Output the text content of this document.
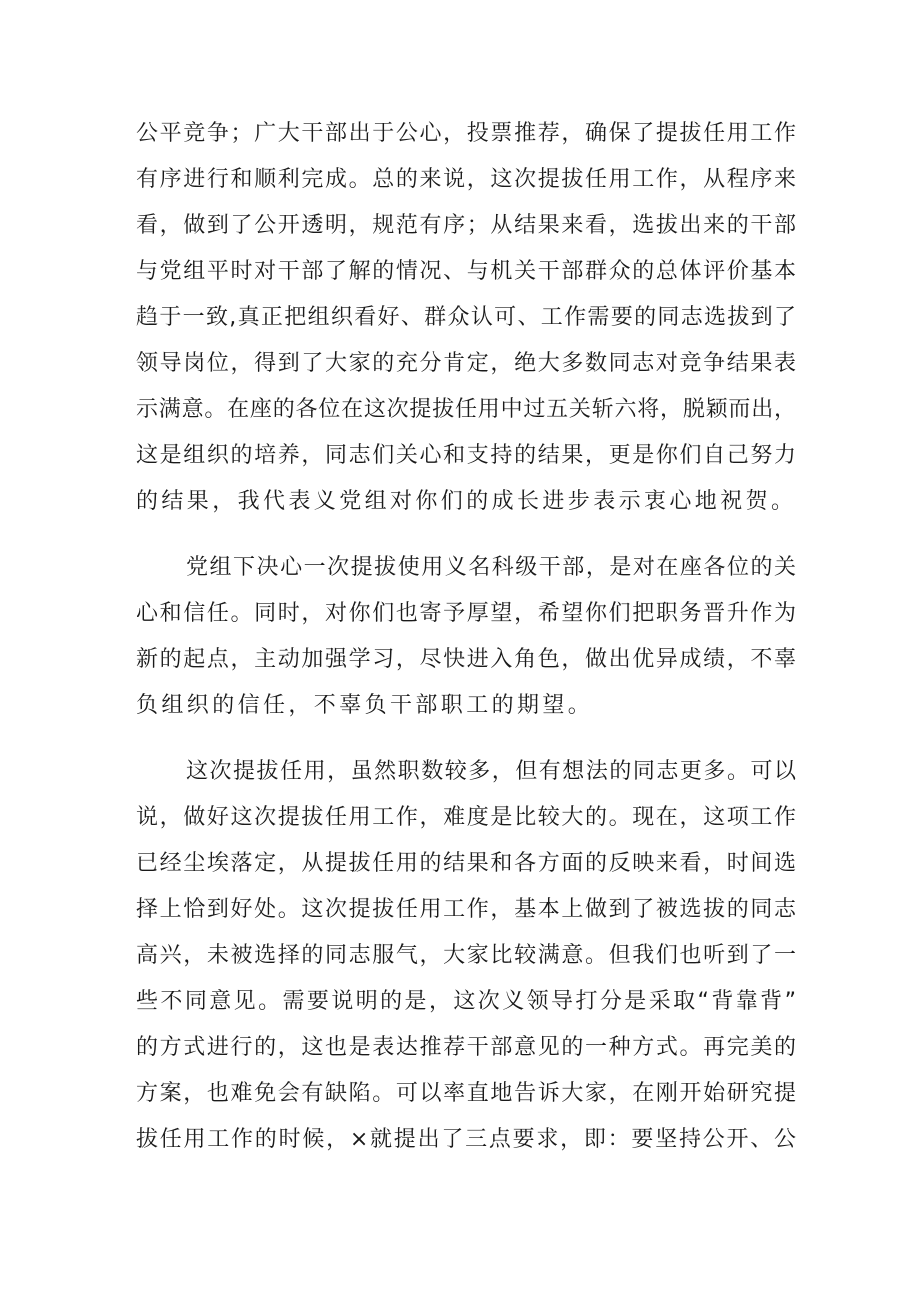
公平竞争；广大干部出于公心，投票推荐，确保了提拔任用工作
有序进行和顺利完成。总的来说，这次提拔任用工作，从程序来
看，做到了公开透明，规范有序；从结果来看，选拔出来的干部
与党组平时对干部了解的情况、与机关干部群众的总体评价基本
趋于一致,真正把组织看好、群众认可、工作需要的同志选拔到了
领导岗位，得到了大家的充分肯定，绝大多数同志对竞争结果表
示满意。在座的各位在这次提拔任用中过五关斩六将，脱颖而出，
这是组织的培养，同志们关心和支持的结果，更是你们自己努力
的结果，我代表义党组对你们的成长进步表示衷心地祝贺。
党组下决心一次提拔使用义名科级干部，是对在座各位的关
心和信任。同时，对你们也寄予厚望，希望你们把职务晋升作为
新的起点，主动加强学习，尽快进入角色，做出优异成绩，不辜
负组织的信任，不辜负干部职工的期望。
这次提拔任用，虽然职数较多，但有想法的同志更多。可以
说，做好这次提拔任用工作，难度是比较大的。现在，这项工作
已经尘埃落定，从提拔任用的结果和各方面的反映来看，时间选
择上恰到好处。这次提拔任用工作，基本上做到了被选拔的同志
高兴，未被选择的同志服气，大家比较满意。但我们也听到了一
些不同意见。需要说明的是，这次义领导打分是采取“背靠背”
的方式进行的，这也是表达推荐干部意见的一种方式。再完美的
方案，也难免会有缺陷。可以率直地告诉大家，在刚开始研究提
拔任用工作的时候，×就提出了三点要求，即：要坚持公开、公
